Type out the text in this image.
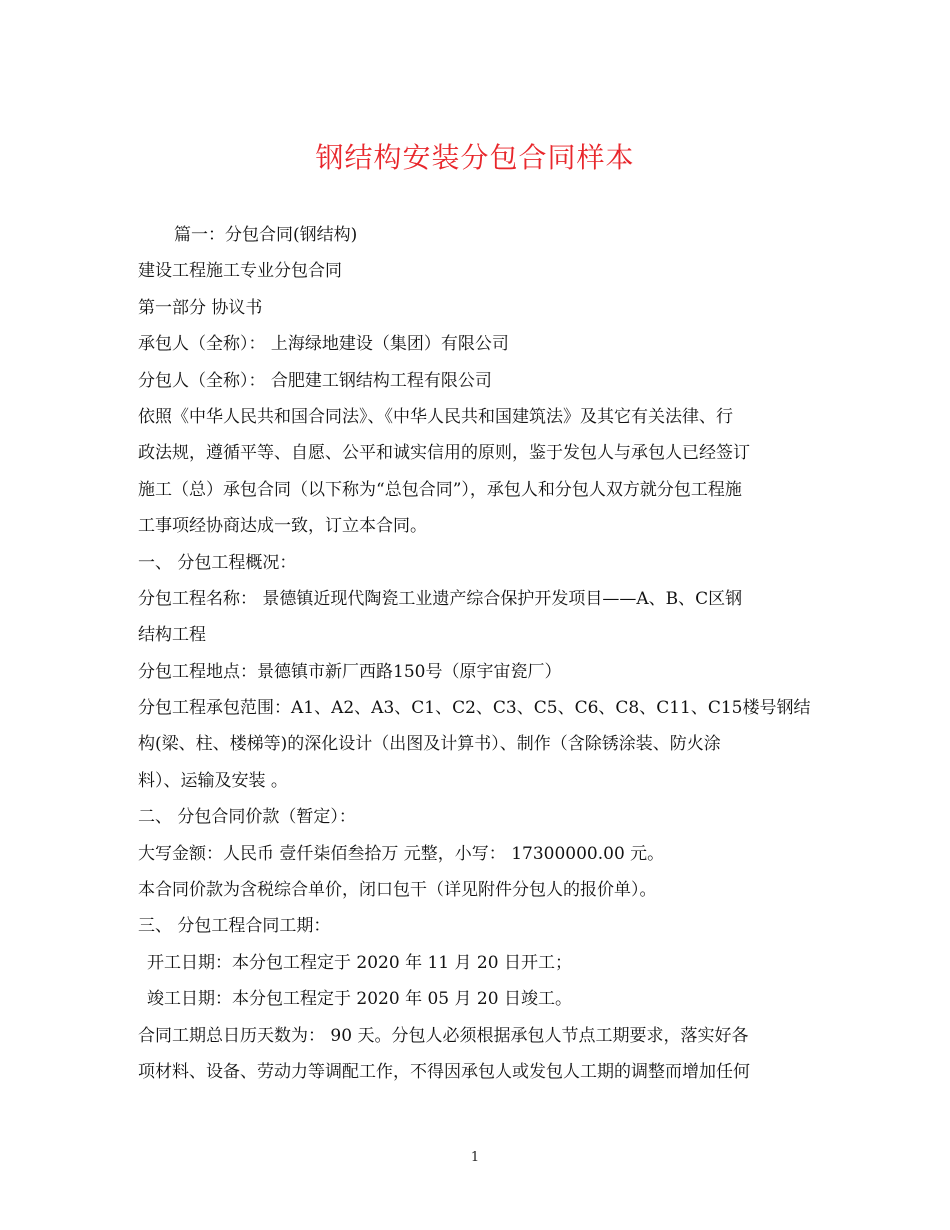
钢结构安装分包合同样本
篇一：分包合同(钢结构)
建设工程施工专业分包合同
第一部分 协议书
承包人（全称）： 上海绿地建设（集团）有限公司
分包人（全称）： 合肥建工钢结构工程有限公司
依照《中华人民共和国合同法》、《中华人民共和国建筑法》及其它有关法律、行
政法规，遵循平等、自愿、公平和诚实信用的原则，鉴于发包人与承包人已经签订
施工（总）承包合同（以下称为“总包合同”），承包人和分包人双方就分包工程施
工事项经协商达成一致，订立本合同。
一、 分包工程概况：
分包工程名称： 景德镇近现代陶瓷工业遗产综合保护开发项目——A、B、C区钢
结构工程
分包工程地点：景德镇市新厂西路150号（原宇宙瓷厂）
分包工程承包范围：A1、A2、A3、C1、C2、C3、C5、C6、C8、C11、C15楼号钢结
构(梁、柱、楼梯等)的深化设计（出图及计算书）、制作（含除锈涂装、防火涂
料）、运输及安装 。
二、 分包合同价款（暂定）：
大写金额：人民币 壹仟柒佰叁拾万 元整，小写： 17300000.00 元。
本合同价款为含税综合单价，闭口包干（详见附件分包人的报价单）。
三、 分包工程合同工期：
开工日期：本分包工程定于 2020 年 11 月 20 日开工；
竣工日期：本分包工程定于 2020 年 05 月 20 日竣工。
合同工期总日历天数为： 90 天。分包人必须根据承包人节点工期要求，落实好各
项材料、设备、劳动力等调配工作，不得因承包人或发包人工期的调整而增加任何
1
